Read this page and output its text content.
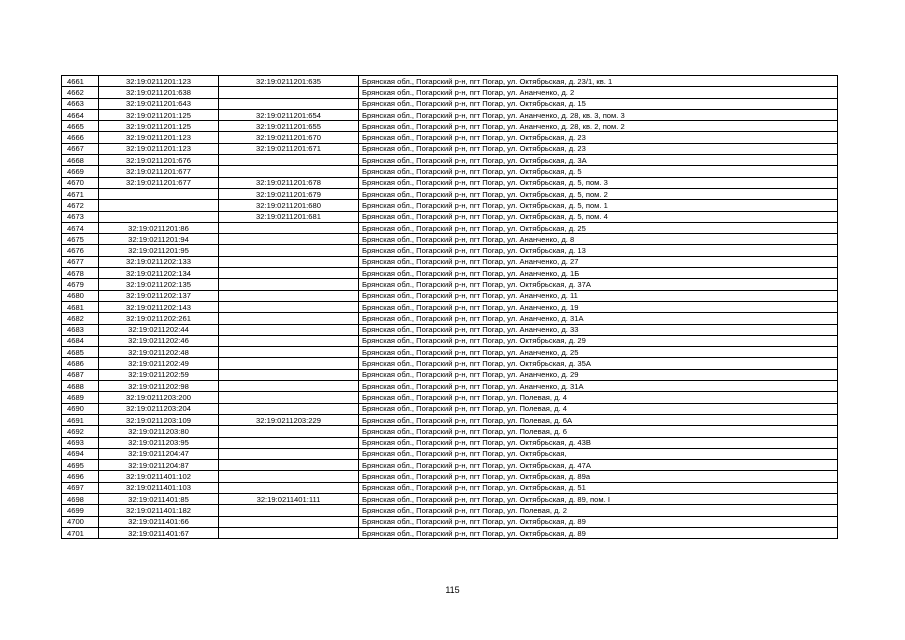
4661	32:19:0211201:123	32:19:0211201:635	Брянская обл., Погарский р-н, пгт Погар, ул. Октябрьская, д. 23/1, кв. 1
4662	32:19:0211201:638		Брянская обл., Погарский р-н, пгт Погар, ул. Ананченко, д. 2
4663	32:19:0211201:643		Брянская обл., Погарский р-н, пгт Погар, ул. Октябрьская, д. 15
4664	32:19:0211201:125	32:19:0211201:654	Брянская обл., Погарский р-н, пгт Погар, ул. Ананченко, д. 28, кв. 3, пом. 3
4665	32:19:0211201:125	32:19:0211201:655	Брянская обл., Погарский р-н, пгт Погар, ул. Ананченко, д. 28, кв. 2, пом. 2
4666	32:19:0211201:123	32:19:0211201:670	Брянская обл., Погарский р-н, пгт Погар, ул. Октябрьская, д. 23
4667	32:19:0211201:123	32:19:0211201:671	Брянская обл., Погарский р-н, пгт Погар, ул. Октябрьская, д. 23
4668	32:19:0211201:676		Брянская обл., Погарский р-н, пгт Погар, ул. Октябрьская, д. 3А
4669	32:19:0211201:677		Брянская обл., Погарский р-н, пгт Погар, ул. Октябрьская, д. 5
4670	32:19:0211201:677	32:19:0211201:678	Брянская обл., Погарский р-н, пгт Погар, ул. Октябрьская, д. 5, пом. 3
4671		32:19:0211201:679	Брянская обл., Погарский р-н, пгт Погар, ул. Октябрьская, д. 5, пом. 2
4672		32:19:0211201:680	Брянская обл., Погарский р-н, пгт Погар, ул. Октябрьская, д. 5, пом. 1
4673		32:19:0211201:681	Брянская обл., Погарский р-н, пгт Погар, ул. Октябрьская, д. 5, пом. 4
4674	32:19:0211201:86		Брянская обл., Погарский р-н, пгт Погар, ул. Октябрьская, д. 25
4675	32:19:0211201:94		Брянская обл., Погарский р-н, пгт Погар, ул. Ананченко, д. 8
4676	32:19:0211201:95		Брянская обл., Погарский р-н, пгт Погар, ул. Октябрьская, д. 13
4677	32:19:0211202:133		Брянская обл., Погарский р-н, пгт Погар, ул. Ананченко, д. 27
4678	32:19:0211202:134		Брянская обл., Погарский р-н, пгт Погар, ул. Ананченко, д. 1Б
4679	32:19:0211202:135		Брянская обл., Погарский р-н, пгт Погар, ул. Октябрьская, д. 37А
4680	32:19:0211202:137		Брянская обл., Погарский р-н, пгт Погар, ул. Ананченко, д. 11
4681	32:19:0211202:143		Брянская обл., Погарский р-н, пгт Погар, ул. Ананченко, д. 19
4682	32:19:0211202:261		Брянская обл., Погарский р-н, пгт Погар, ул. Ананченко, д. 31А
4683	32:19:0211202:44		Брянская обл., Погарский р-н, пгт Погар, ул. Ананченко, д. 33
4684	32:19:0211202:46		Брянская обл., Погарский р-н, пгт Погар, ул. Октябрьская, д. 29
4685	32:19:0211202:48		Брянская обл., Погарский р-н, пгт Погар, ул. Ананченко, д. 25
4686	32:19:0211202:49		Брянская обл., Погарский р-н, пгт Погар, ул. Октябрьская, д. 35А
4687	32:19:0211202:59		Брянская обл., Погарский р-н, пгт Погар, ул. Ананченко, д. 29
4688	32:19:0211202:98		Брянская обл., Погарский р-н, пгт Погар, ул. Ананченко, д. 31А
4689	32:19:0211203:200		Брянская обл., Погарский р-н, пгт Погар, ул. Полевая, д. 4
4690	32:19:0211203:204		Брянская обл., Погарский р-н, пгт Погар, ул. Полевая, д. 4
4691	32:19:0211203:109	32:19:0211203:229	Брянская обл., Погарский р-н, пгт Погар, ул. Полевая, д. 6А
4692	32:19:0211203:80		Брянская обл., Погарский р-н, пгт Погар, ул. Полевая, д. 6
4693	32:19:0211203:95		Брянская обл., Погарский р-н, пгт Погар, ул. Октябрьская, д. 43В
4694	32:19:0211204:47		Брянская обл., Погарский р-н, пгт Погар, ул. Октябрьская,
4695	32:19:0211204:87		Брянская обл., Погарский р-н, пгт Погар, ул. Октябрьская, д. 47А
4696	32:19:0211401:102		Брянская обл., Погарский р-н, пгт Погар, ул. Октябрьская, д. 89а
4697	32:19:0211401:103		Брянская обл., Погарский р-н, пгт Погар, ул. Октябрьская, д. 51
4698	32:19:0211401:85	32:19:0211401:111	Брянская обл., Погарский р-н, пгт Погар, ул. Октябрьская, д. 89, пом. I
4699	32:19:0211401:182		Брянская обл., Погарский р-н, пгт Погар, ул. Полевая, д. 2
4700	32:19:0211401:66		Брянская обл., Погарский р-н, пгт Погар, ул. Октябрьская, д. 89
4701	32:19:0211401:67		Брянская обл., Погарский р-н, пгт Погар, ул. Октябрьская, д. 89
115
